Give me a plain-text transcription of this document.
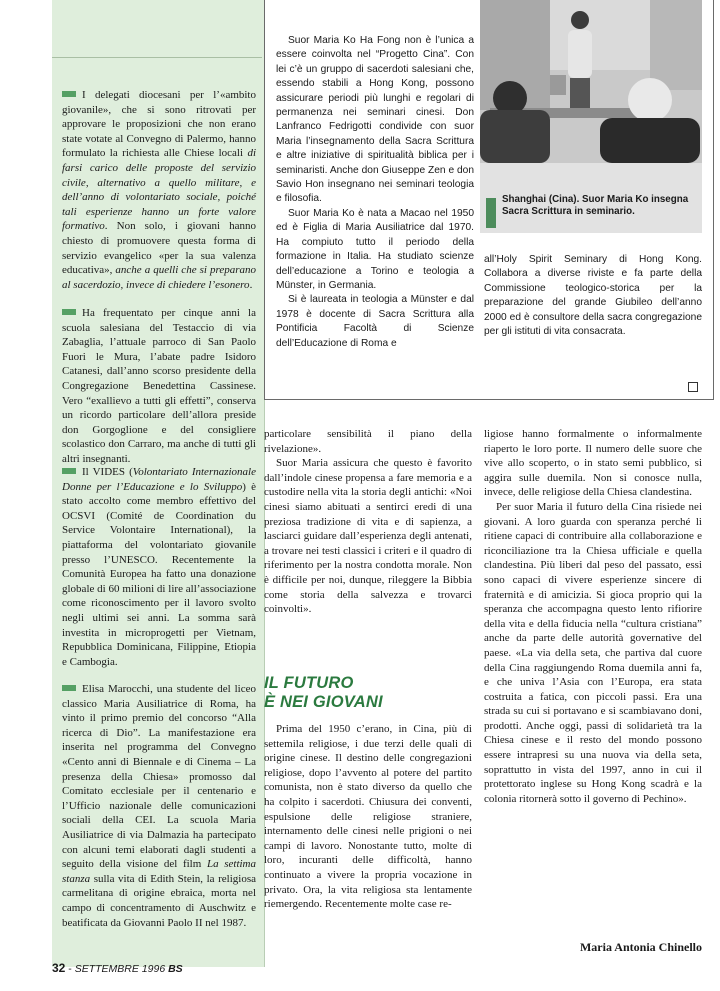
I delegati diocesani per l’«ambito giovanile», che si sono ritrovati per approvare le proposizioni che non erano state votate al Convegno di Palermo, hanno formulato la richiesta alle Chiese locali di farsi carico delle proposte del servizio civile, alternativo a quello militare, e dell’anno di volontariato sociale, poiché tali esperienze hanno un forte valore formativo. Non solo, i giovani hanno chiesto di promuovere questa forma di servizio evangelico «per la sua valenza educativa», anche a quelli che si preparano al sacerdozio, invece di chiedere l’esonero.
Ha frequentato per cinque anni la scuola salesiana del Testaccio di via Zabaglia, l’attuale parroco di San Paolo Fuori le Mura, l’abate padre Isidoro Catanesi, dall’anno scorso presidente della Congregazione Benedettina Cassinese. Vero “exallievo a tutti gli effetti”, conserva un ricordo particolare dell’allora preside don Gorgoglione e del consigliere scolastico don Carraro, ma anche di tutti gli altri insegnanti.
Il VIDES (Volontariato Internazionale Donne per l’Educazione e lo Sviluppo) è stato accolto come membro effettivo del OCSVI (Comité de Coordination du Service Volontaire International), la piattaforma del volontariato giovanile presso l’UNESCO. Recentemente la Comunità Europea ha fatto una donazione globale di 60 milioni di lire all’associazione come riconoscimento per il lavoro svolto negli ultimi sei anni. La somma sarà investita in microprogetti per Vietnam, Repubblica Dominicana, Filippine, Etiopia e Cambogia.
Elisa Marocchi, una studente del liceo classico Maria Ausiliatrice di Roma, ha vinto il primo premio del concorso “Alla ricerca di Dio”. La manifestazione era inserita nel programma del Convegno «Cento anni di Biennale e di Cinema – La presenza della Chiesa» promosso dal Comitato ecclesiale per il centenario e l’Ufficio nazionale delle comunicazioni sociali della CEI. La scuola Maria Ausiliatrice di via Dalmazia ha partecipato con alcuni temi elaborati dagli studenti a seguito della visione del film La settima stanza sulla vita di Edith Stein, la religiosa carmelitana di origine ebraica, morta nel campo di concentramento di Auschwitz e beatificata da Giovanni Paolo II nel 1987.

Suor Maria Ko Ha Fong non è l’unica a essere coinvolta nel “Progetto Cina”. Con lei c’è un gruppo di sacerdoti salesiani che, essendo stabili a Hong Kong, possono assicurare periodi più lunghi e regolari di permanenza nei seminari cinesi. Don Lanfranco Fedrigotti condivide con suor Maria l’insegnamento della Sacra Scrittura e altre iniziative di spiritualità biblica per i seminaristi. Anche don Giuseppe Zen e don Savio Hon insegnano nei seminari teologia e filosofia.

Suor Maria Ko è nata a Macao nel 1950 ed è Figlia di Maria Ausiliatrice dal 1970. Ha compiuto tutto il periodo della formazione in Italia. Ha studiato scienze dell’educazione a Torino e teologia a Münster, in Germania.

Si è laureata in teologia a Münster e dal 1978 è docente di Sacra Scrittura alla Pontificia Facoltà di Scienze dell’Educazione di Roma e

Shanghai (Cina). Suor Maria Ko insegna Sacra Scrittura in seminario.

all’Holy Spirit Seminary di Hong Kong. Collabora a diverse riviste e fa parte della Commissione teologico-storica per la preparazione del grande Giubileo dell’anno 2000 ed è consultore della sacra congregazione per gli istituti di vita consacrata.

particolare sensibilità il piano della rivelazione».

Suor Maria assicura che questo è favorito dall’indole cinese propensa a fare memoria e a custodire nella vita la storia degli antichi: «Noi cinesi siamo abituati a sentirci eredi di una preziosa tradizione di vita e di sapienza, a lasciarci guidare dall’esperienza degli antenati, a trovare nei testi classici i criteri e il quadro di riferimento per la nostra condotta morale. Non è difficile per noi, dunque, rileggere la Bibbia come storia della salvezza e trovarci coinvolti».

IL FUTURO
È NEI GIOVANI

Prima del 1950 c’erano, in Cina, più di settemila religiose, i due terzi delle quali di origine cinese. Il destino delle congregazioni religiose, dopo l’avvento al potere del partito comunista, non è stato diverso da quello che ha colpito i sacerdoti. Chiusura dei conventi, espulsione delle religiose straniere, internamento delle cinesi nelle prigioni o nei campi di lavoro. Nonostante tutto, molte di loro, incuranti delle difficoltà, hanno continuato a vivere la propria vocazione in privato. Ora, la vita religiosa sta lentamente riemergendo. Recentemente molte case re-

ligiose hanno formalmente o informalmente riaperto le loro porte. Il numero delle suore che vive allo scoperto, o in stato semi pubblico, si aggira sulle duemila. Non si conosce nulla, invece, delle religiose della Chiesa clandestina.

Per suor Maria il futuro della Cina risiede nei giovani. A loro guarda con speranza perché li ritiene capaci di contribuire alla collaborazione e riconciliazione tra la Chiesa ufficiale e quella clandestina. Più liberi dal peso del passato, essi sono capaci di vivere esperienze sincere di fraternità e di amicizia. Si gioca proprio qui la speranza che accompagna questo lento rifiorire della vita e della fiducia nella “cultura cristiana” anche da parte delle autorità governative del paese. «La via della seta, che partiva dal cuore della Cina raggiungendo Roma duemila anni fa, e che univa l’Asia con l’Europa, era stata costruita a fatica, con piccoli passi. Era una strada su cui si portavano e si scambiavano doni, prodotti. Anche oggi, passi di solidarietà tra la Chiesa cinese e il resto del mondo possono essere intrapresi su una nuova via della seta, soprattutto in vista del 1997, anno in cui il protettorato inglese su Hong Kong scadrà e la colonia ritornerà sotto il governo di Pechino».

Maria Antonia Chinello
32 - SETTEMBRE 1996 BS
